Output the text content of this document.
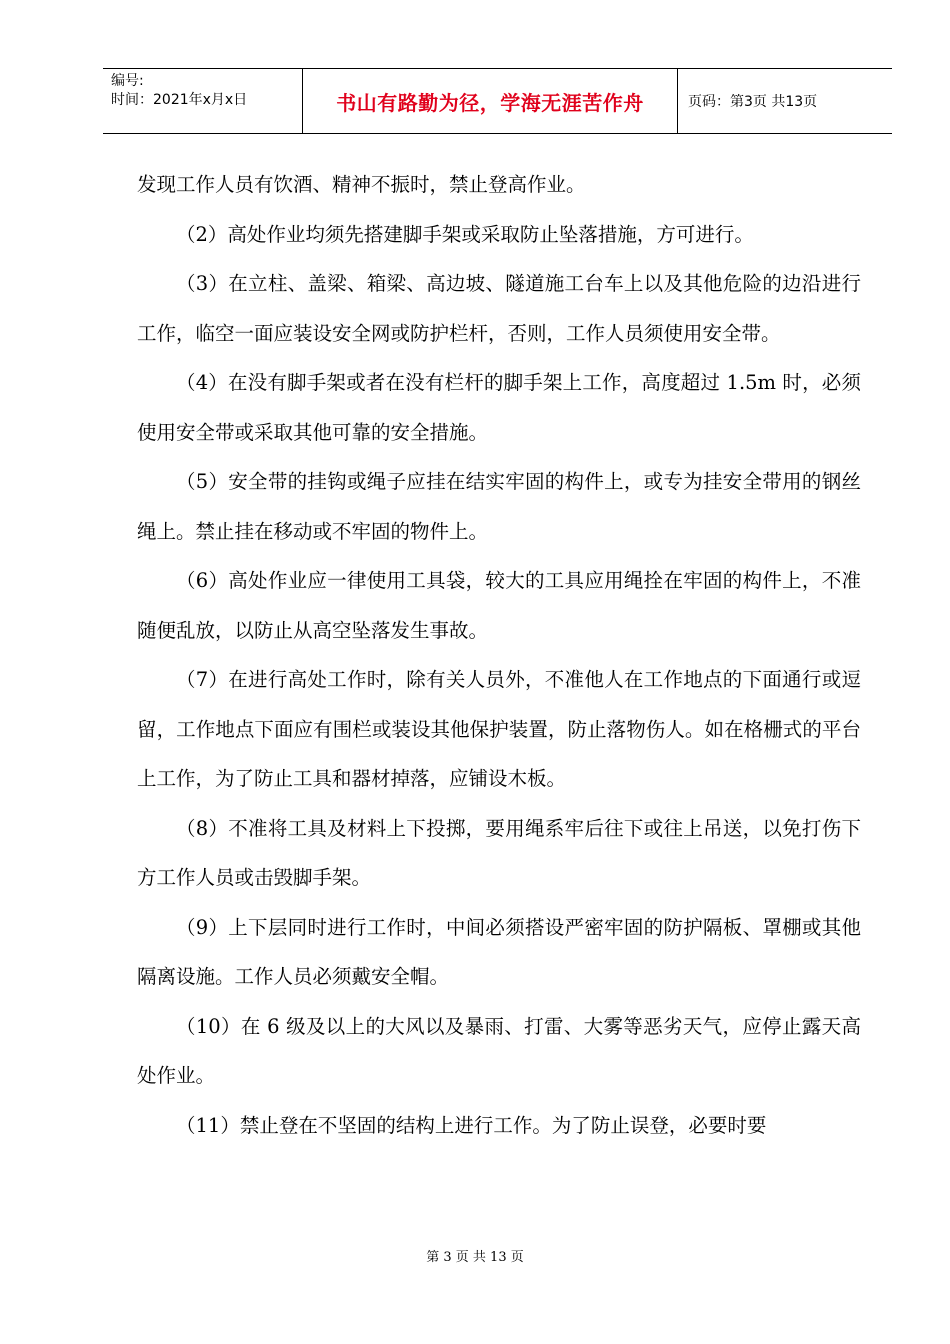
编号:
时间：2021年x月x日	书山有路勤为径，学海无涯苦作舟	页码：第3页 共13页

发现工作人员有饮酒、精神不振时，禁止登高作业。

（2）高处作业均须先搭建脚手架或采取防止坠落措施，方可进行。

（3）在立柱、盖梁、箱梁、高边坡、隧道施工台车上以及其他危险的边沿进行工作，临空一面应装设安全网或防护栏杆，否则，工作人员须使用安全带。

（4）在没有脚手架或者在没有栏杆的脚手架上工作，高度超过 1.5m 时，必须使用安全带或采取其他可靠的安全措施。

（5）安全带的挂钩或绳子应挂在结实牢固的构件上，或专为挂安全带用的钢丝绳上。禁止挂在移动或不牢固的物件上。

（6）高处作业应一律使用工具袋，较大的工具应用绳拴在牢固的构件上，不准随便乱放，以防止从高空坠落发生事故。

（7）在进行高处工作时，除有关人员外，不准他人在工作地点的下面通行或逗留，工作地点下面应有围栏或装设其他保护装置，防止落物伤人。如在格栅式的平台上工作，为了防止工具和器材掉落，应铺设木板。

（8）不准将工具及材料上下投掷，要用绳系牢后往下或往上吊送，以免打伤下方工作人员或击毁脚手架。

（9）上下层同时进行工作时，中间必须搭设严密牢固的防护隔板、罩棚或其他隔离设施。工作人员必须戴安全帽。

（10）在 6 级及以上的大风以及暴雨、打雷、大雾等恶劣天气，应停止露天高处作业。

（11）禁止登在不坚固的结构上进行工作。为了防止误登，必要时要

第 3 页 共 13 页
